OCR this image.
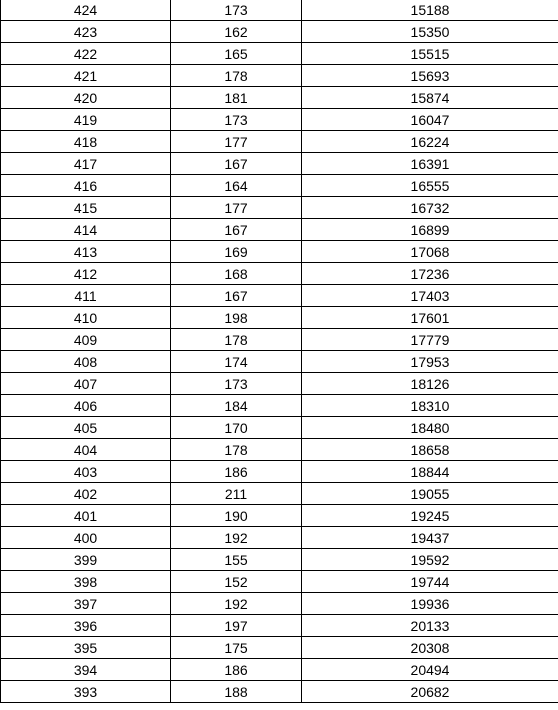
424	173	15188
423	162	15350
422	165	15515
421	178	15693
420	181	15874
419	173	16047
418	177	16224
417	167	16391
416	164	16555
415	177	16732
414	167	16899
413	169	17068
412	168	17236
411	167	17403
410	198	17601
409	178	17779
408	174	17953
407	173	18126
406	184	18310
405	170	18480
404	178	18658
403	186	18844
402	211	19055
401	190	19245
400	192	19437
399	155	19592
398	152	19744
397	192	19936
396	197	20133
395	175	20308
394	186	20494
393	188	20682
